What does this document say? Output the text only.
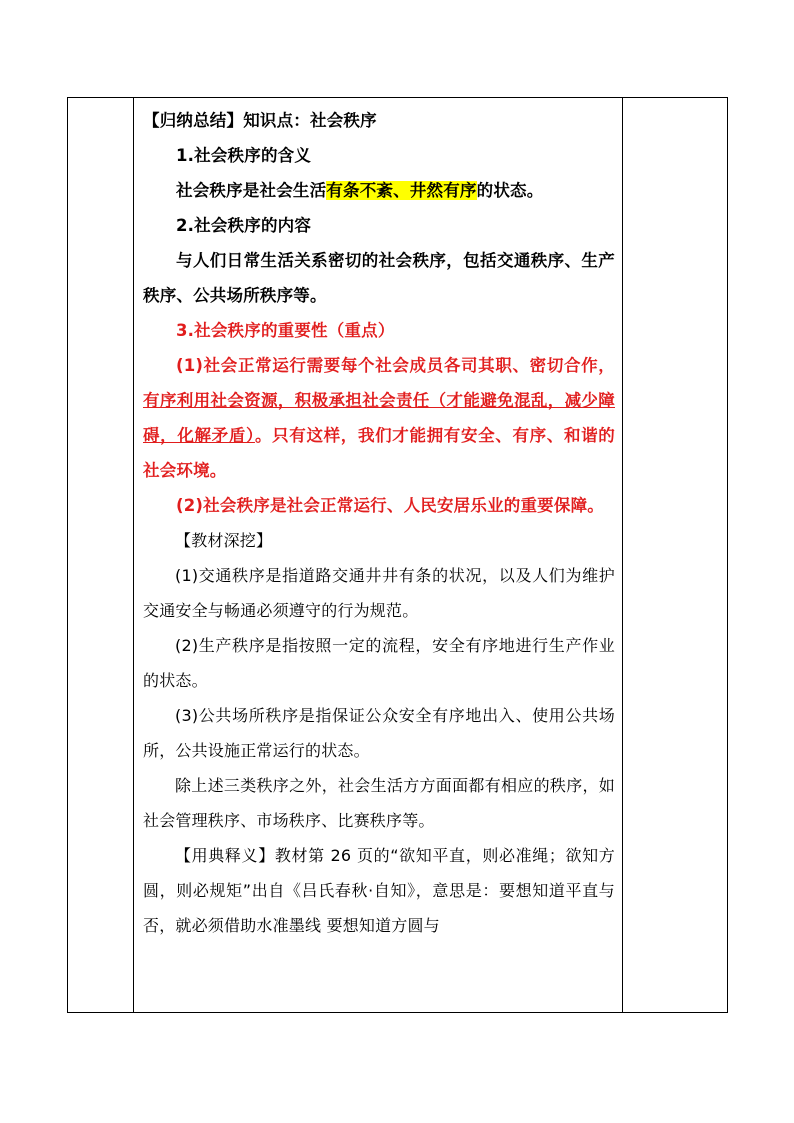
【归纳总结】知识点：社会秩序

1.社会秩序的含义

社会秩序是社会生活有条不紊、井然有序的状态。

2.社会秩序的内容

与人们日常生活关系密切的社会秩序，包括交通秩序、生产秩序、公共场所秩序等。

3.社会秩序的重要性（重点）

(1)社会正常运行需要每个社会成员各司其职、密切合作，有序利用社会资源，积极承担社会责任（才能避免混乱，减少障碍，化解矛盾）。只有这样，我们才能拥有安全、有序、和谐的社会环境。

(2)社会秩序是社会正常运行、人民安居乐业的重要保障。

【教材深挖】

(1)交通秩序是指道路交通井井有条的状况，以及人们为维护交通安全与畅通必须遵守的行为规范。

(2)生产秩序是指按照一定的流程，安全有序地进行生产作业的状态。

(3)公共场所秩序是指保证公众安全有序地出入、使用公共场所，公共设施正常运行的状态。

除上述三类秩序之外，社会生活方方面面都有相应的秩序，如社会管理秩序、市场秩序、比赛秩序等。

【用典释义】教材第 26 页的“欲知平直，则必准绳；欲知方圆，则必规矩”出自《吕氏春秋·自知》，意思是：要想知道平直与否，就必须借助水准墨线 要想知道方圆与
